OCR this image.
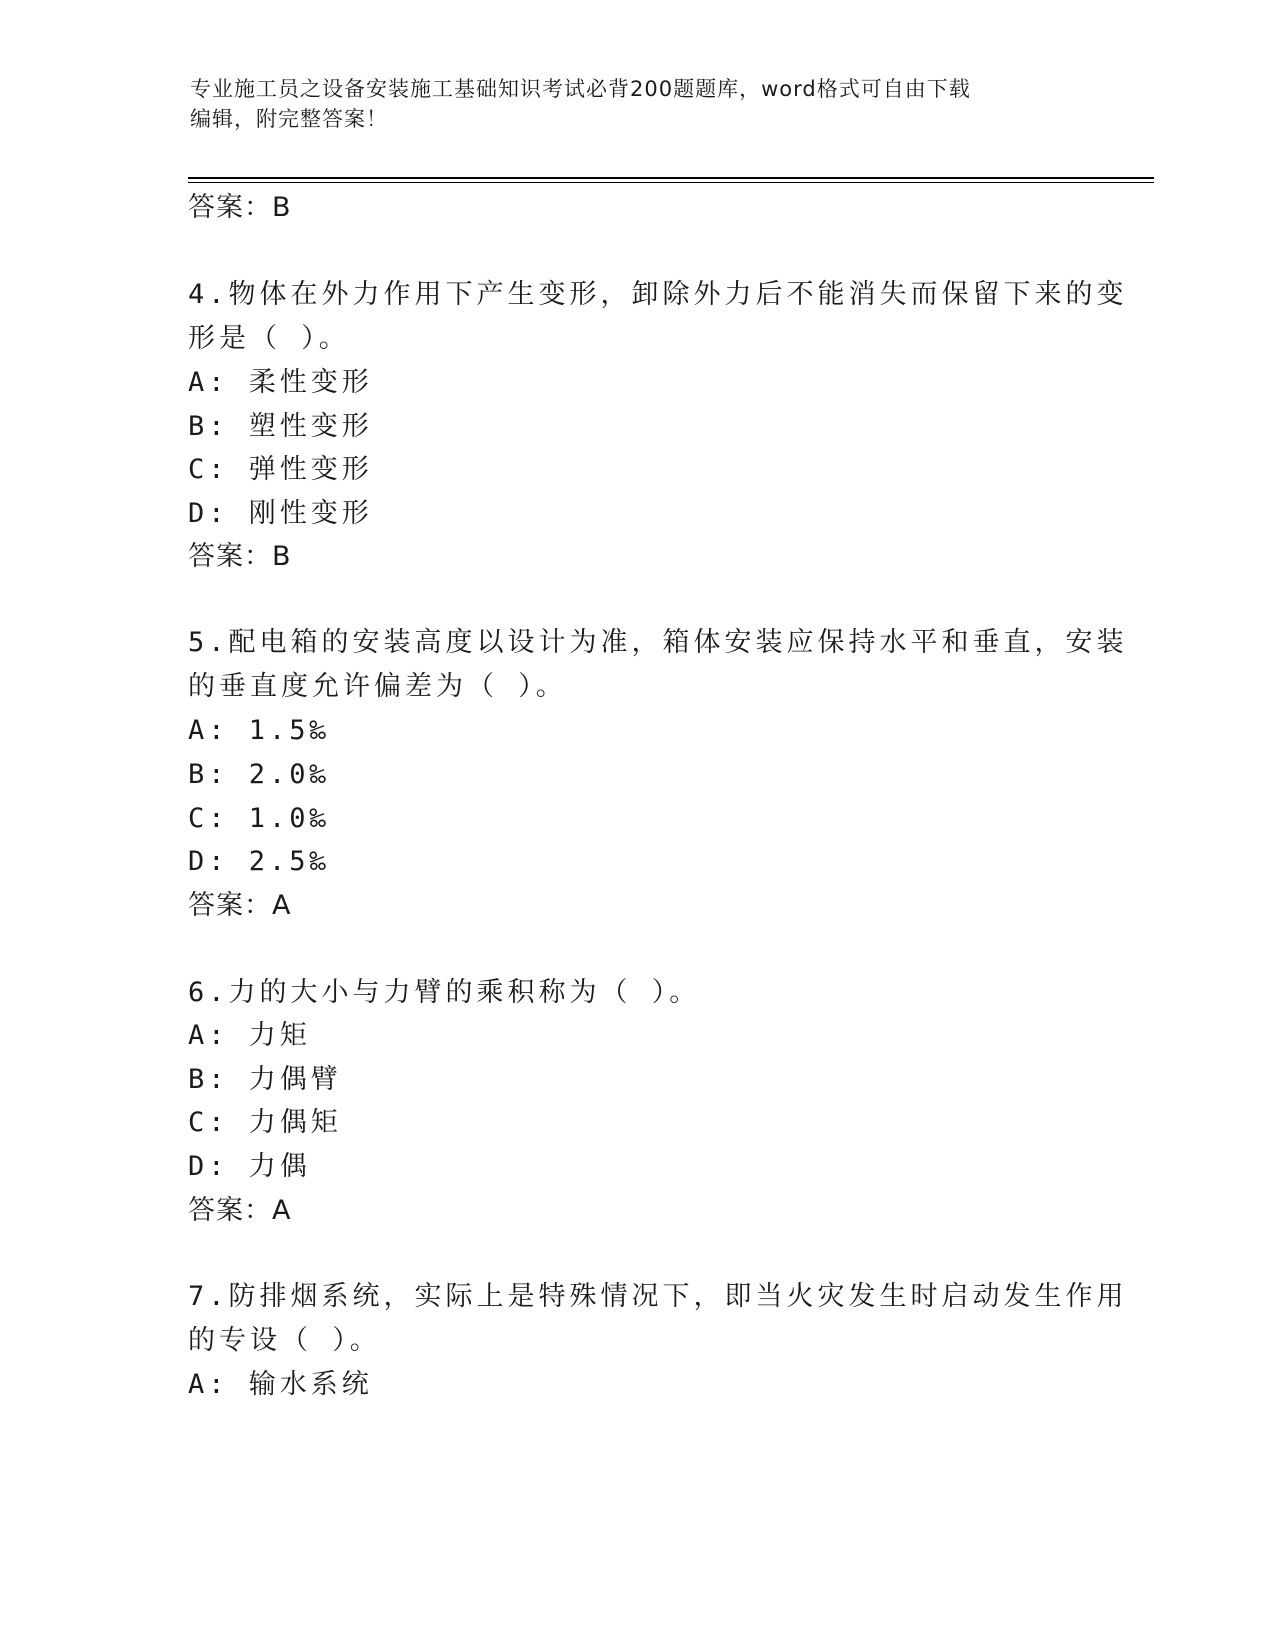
专业施工员之设备安装施工基础知识考试必背200题题库，word格式可自由下载
编辑，附完整答案！
答案：B
4.物体在外力作用下产生变形，卸除外力后不能消失而保留下来的变
形是（ ）。
A: 柔性变形
B: 塑性变形
C: 弹性变形
D: 刚性变形
答案：B
5.配电箱的安装高度以设计为准，箱体安装应保持水平和垂直，安装
的垂直度允许偏差为（ ）。
A: 1.5‰
B: 2.0‰
C: 1.0‰
D: 2.5‰
答案：A
6.力的大小与力臂的乘积称为（ ）。
A: 力矩
B: 力偶臂
C: 力偶矩
D: 力偶
答案：A
7.防排烟系统，实际上是特殊情况下，即当火灾发生时启动发生作用
的专设（ ）。
A: 输水系统
